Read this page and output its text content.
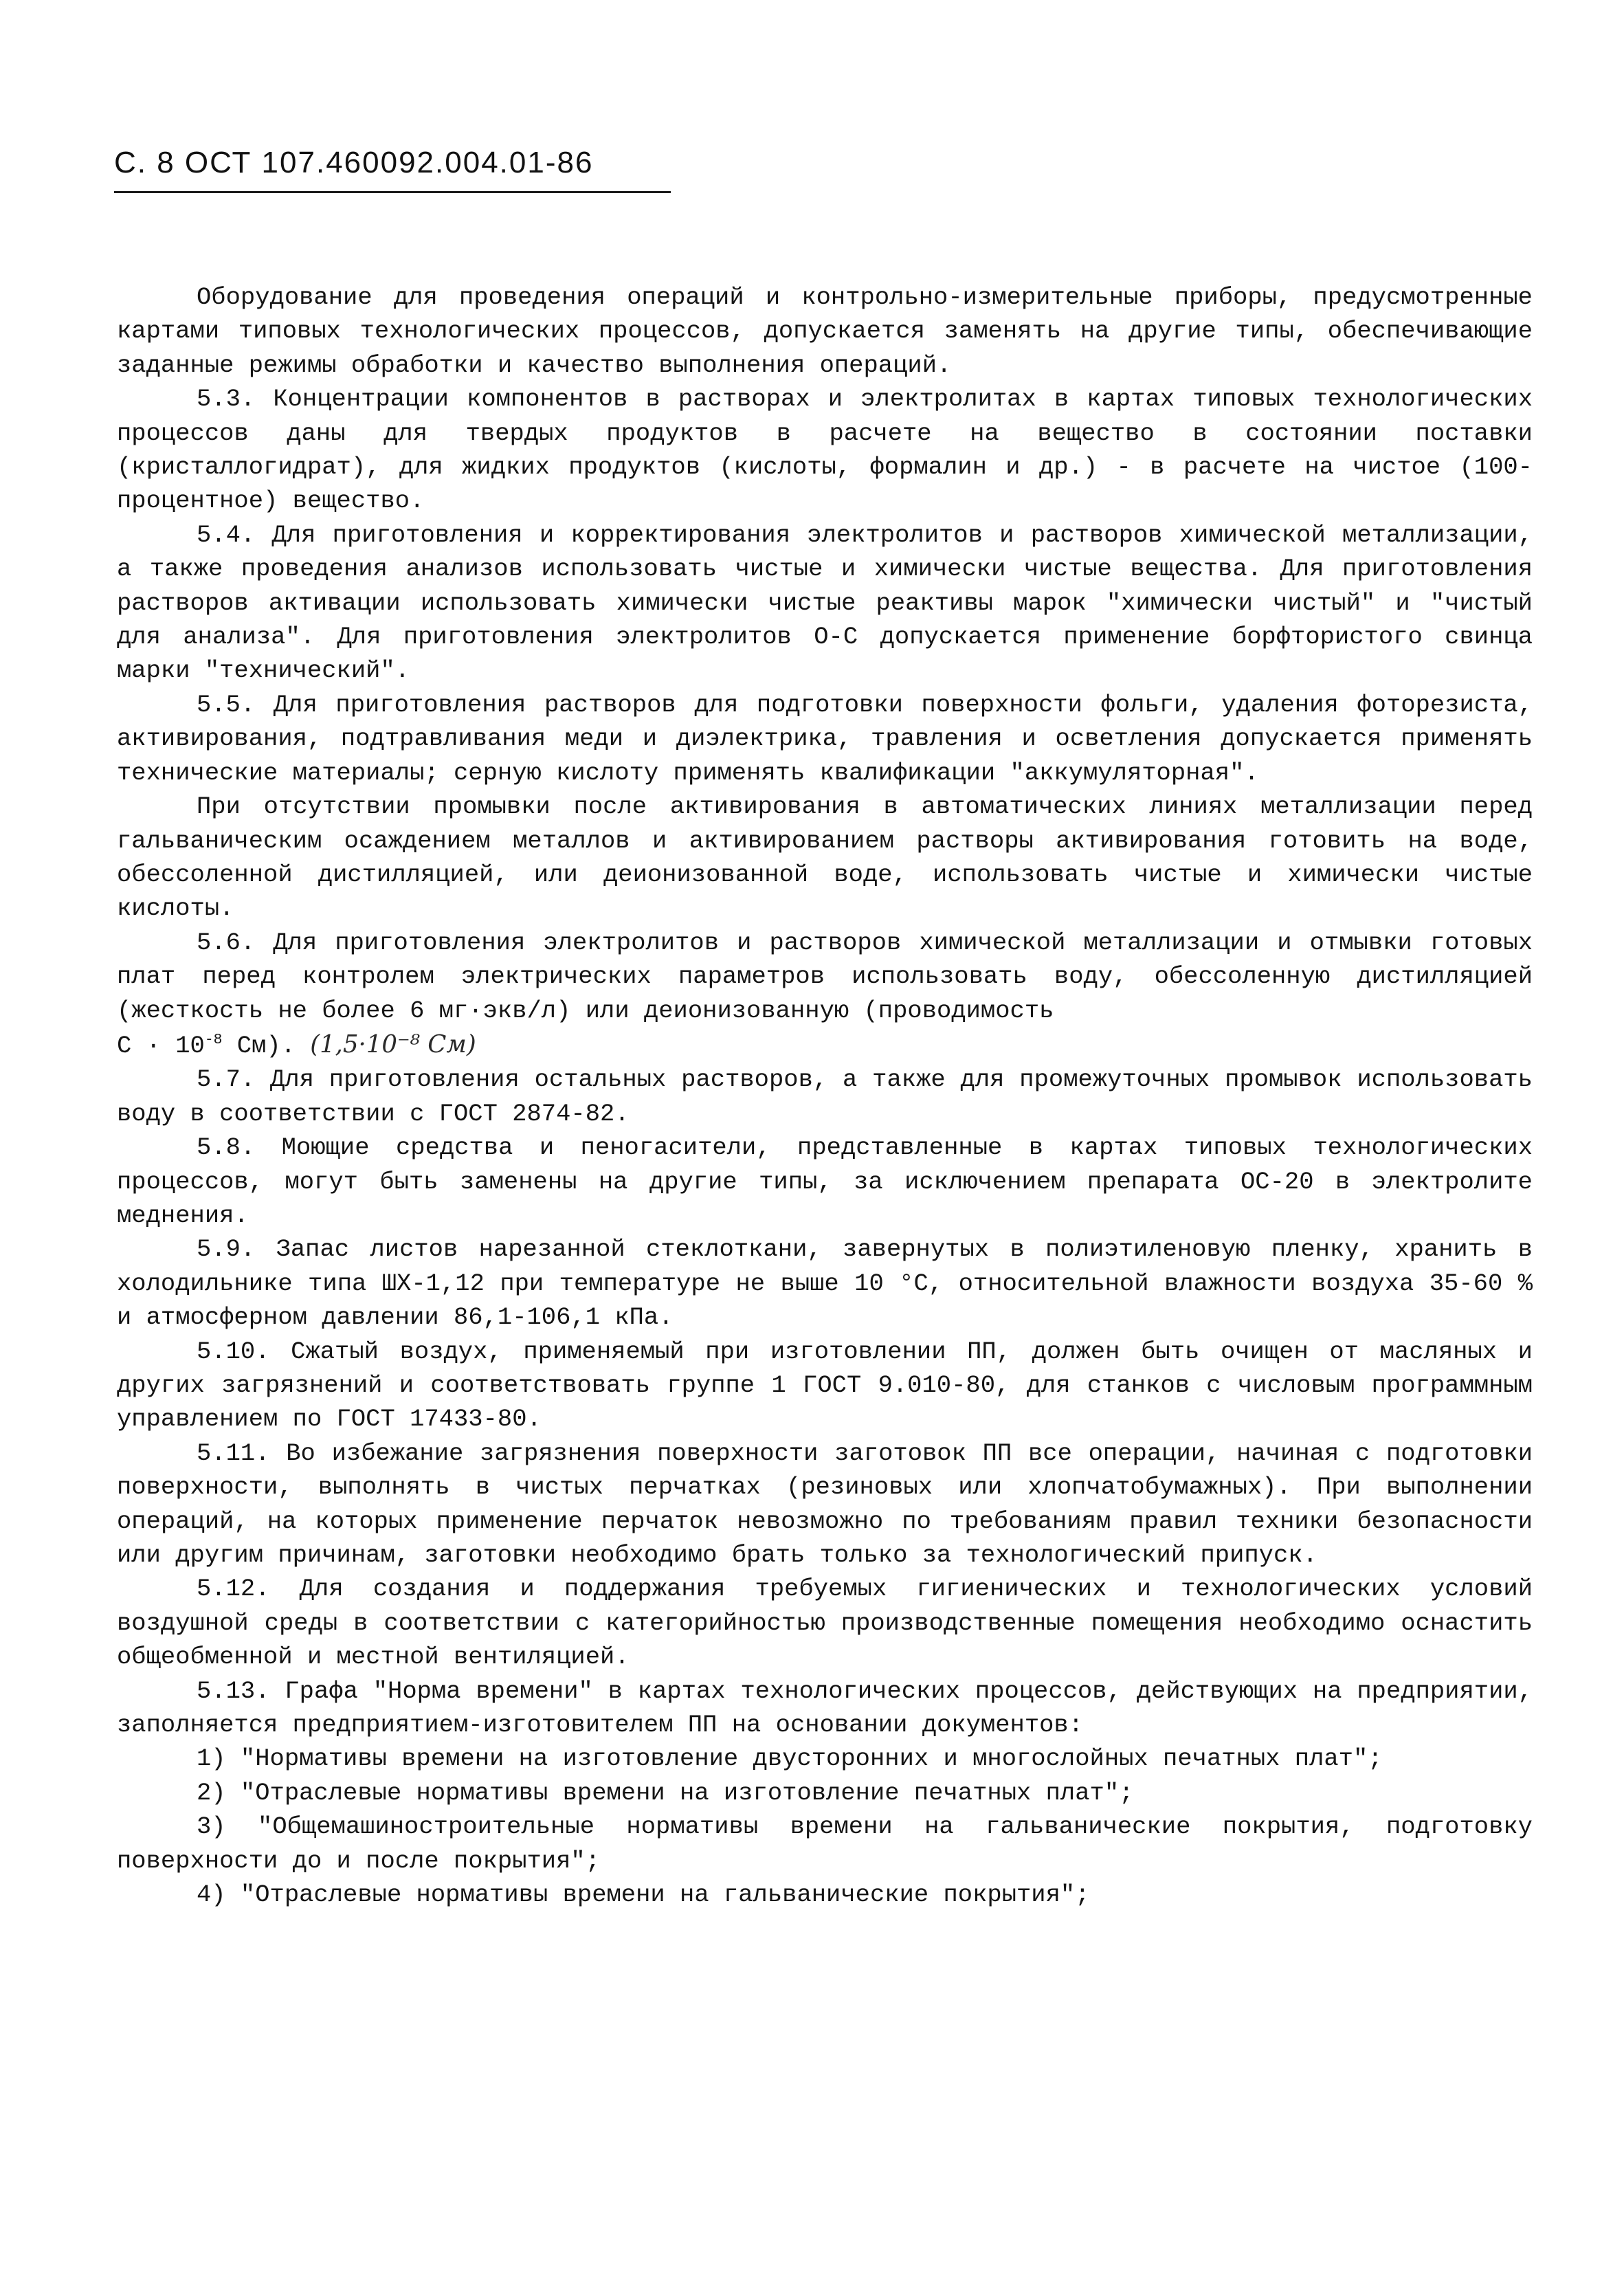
С. 8 ОСТ 107.460092.004.01-86

Оборудование для проведения операций и контрольно-измерительные приборы, предусмотренные картами типовых технологических процессов, допускается заменять на другие типы, обеспечивающие заданные режимы обработки и качество выполнения операций.

5.3. Концентрации компонентов в растворах и электролитах в картах типовых технологических процессов даны для твердых продуктов в расчете на вещество в состоянии поставки (кристаллогидрат), для жидких продуктов (кислоты, формалин и др.) - в расчете на чистое (100-процентное) вещество.

5.4. Для приготовления и корректирования электролитов и растворов химической металлизации, а также проведения анализов использовать чистые и химически чистые вещества. Для приготовления растворов активации использовать химически чистые реактивы марок "химически чистый" и "чистый для анализа". Для приготовления электролитов О-С допускается применение борфтористого свинца марки "технический".

5.5. Для приготовления растворов для подготовки поверхности фольги, удаления фоторезиста, активирования, подтравливания меди и диэлектрика, травления и осветления допускается применять технические материалы; серную кислоту применять квалификации "аккумуляторная".

При отсутствии промывки после активирования в автоматических линиях металлизации перед гальваническим осаждением металлов и активированием растворы активирования готовить на воде, обессоленной дистилляцией, или деионизованной воде, использовать чистые и химически чистые кислоты.

5.6. Для приготовления электролитов и растворов химической металлизации и отмывки готовых плат перед контролем электрических параметров использовать воду, обессоленную дистилляцией (жесткость не более 6 мг·экв/л) или деионизованную (проводимость
$С \cdot 10^{-8}$ См). (1,5·10⁻⁸ См)

5.7. Для приготовления остальных растворов, а также для промежуточных промывок использовать воду в соответствии с ГОСТ 2874-82.

5.8. Моющие средства и пеногасители, представленные в картах типовых технологических процессов, могут быть заменены на другие типы, за исключением препарата ОС-20 в электролите меднения.

5.9. Запас листов нарезанной стеклоткани, завернутых в полиэтиленовую пленку, хранить в холодильнике типа ШХ-1,12 при температуре не выше 10 °С, относительной влажности воздуха 35-60 % и атмосферном давлении 86,1-106,1 кПа.

5.10. Сжатый воздух, применяемый при изготовлении ПП, должен быть очищен от масляных и других загрязнений и соответствовать группе 1 ГОСТ 9.010-80, для станков с числовым программным управлением по ГОСТ 17433-80.

5.11. Во избежание загрязнения поверхности заготовок ПП все операции, начиная с подготовки поверхности, выполнять в чистых перчатках (резиновых или хлопчатобумажных). При выполнении операций, на которых применение перчаток невозможно по требованиям правил техники безопасности или другим причинам, заготовки необходимо брать только за технологический припуск.

5.12. Для создания и поддержания требуемых гигиенических и технологических условий воздушной среды в соответствии с категорийностью производственные помещения необходимо оснастить общеобменной и местной вентиляцией.

5.13. Графа "Норма времени" в картах технологических процессов, действующих на предприятии, заполняется предприятием-изготовителем ПП на основании документов:

1) "Нормативы времени на изготовление двусторонних и многослойных печатных плат";

2) "Отраслевые нормативы времени на изготовление печатных плат";

3) "Общемашиностроительные нормативы времени на гальванические покрытия, подготовку поверхности до и после покрытия";

4) "Отраслевые нормативы времени на гальванические покрытия";
